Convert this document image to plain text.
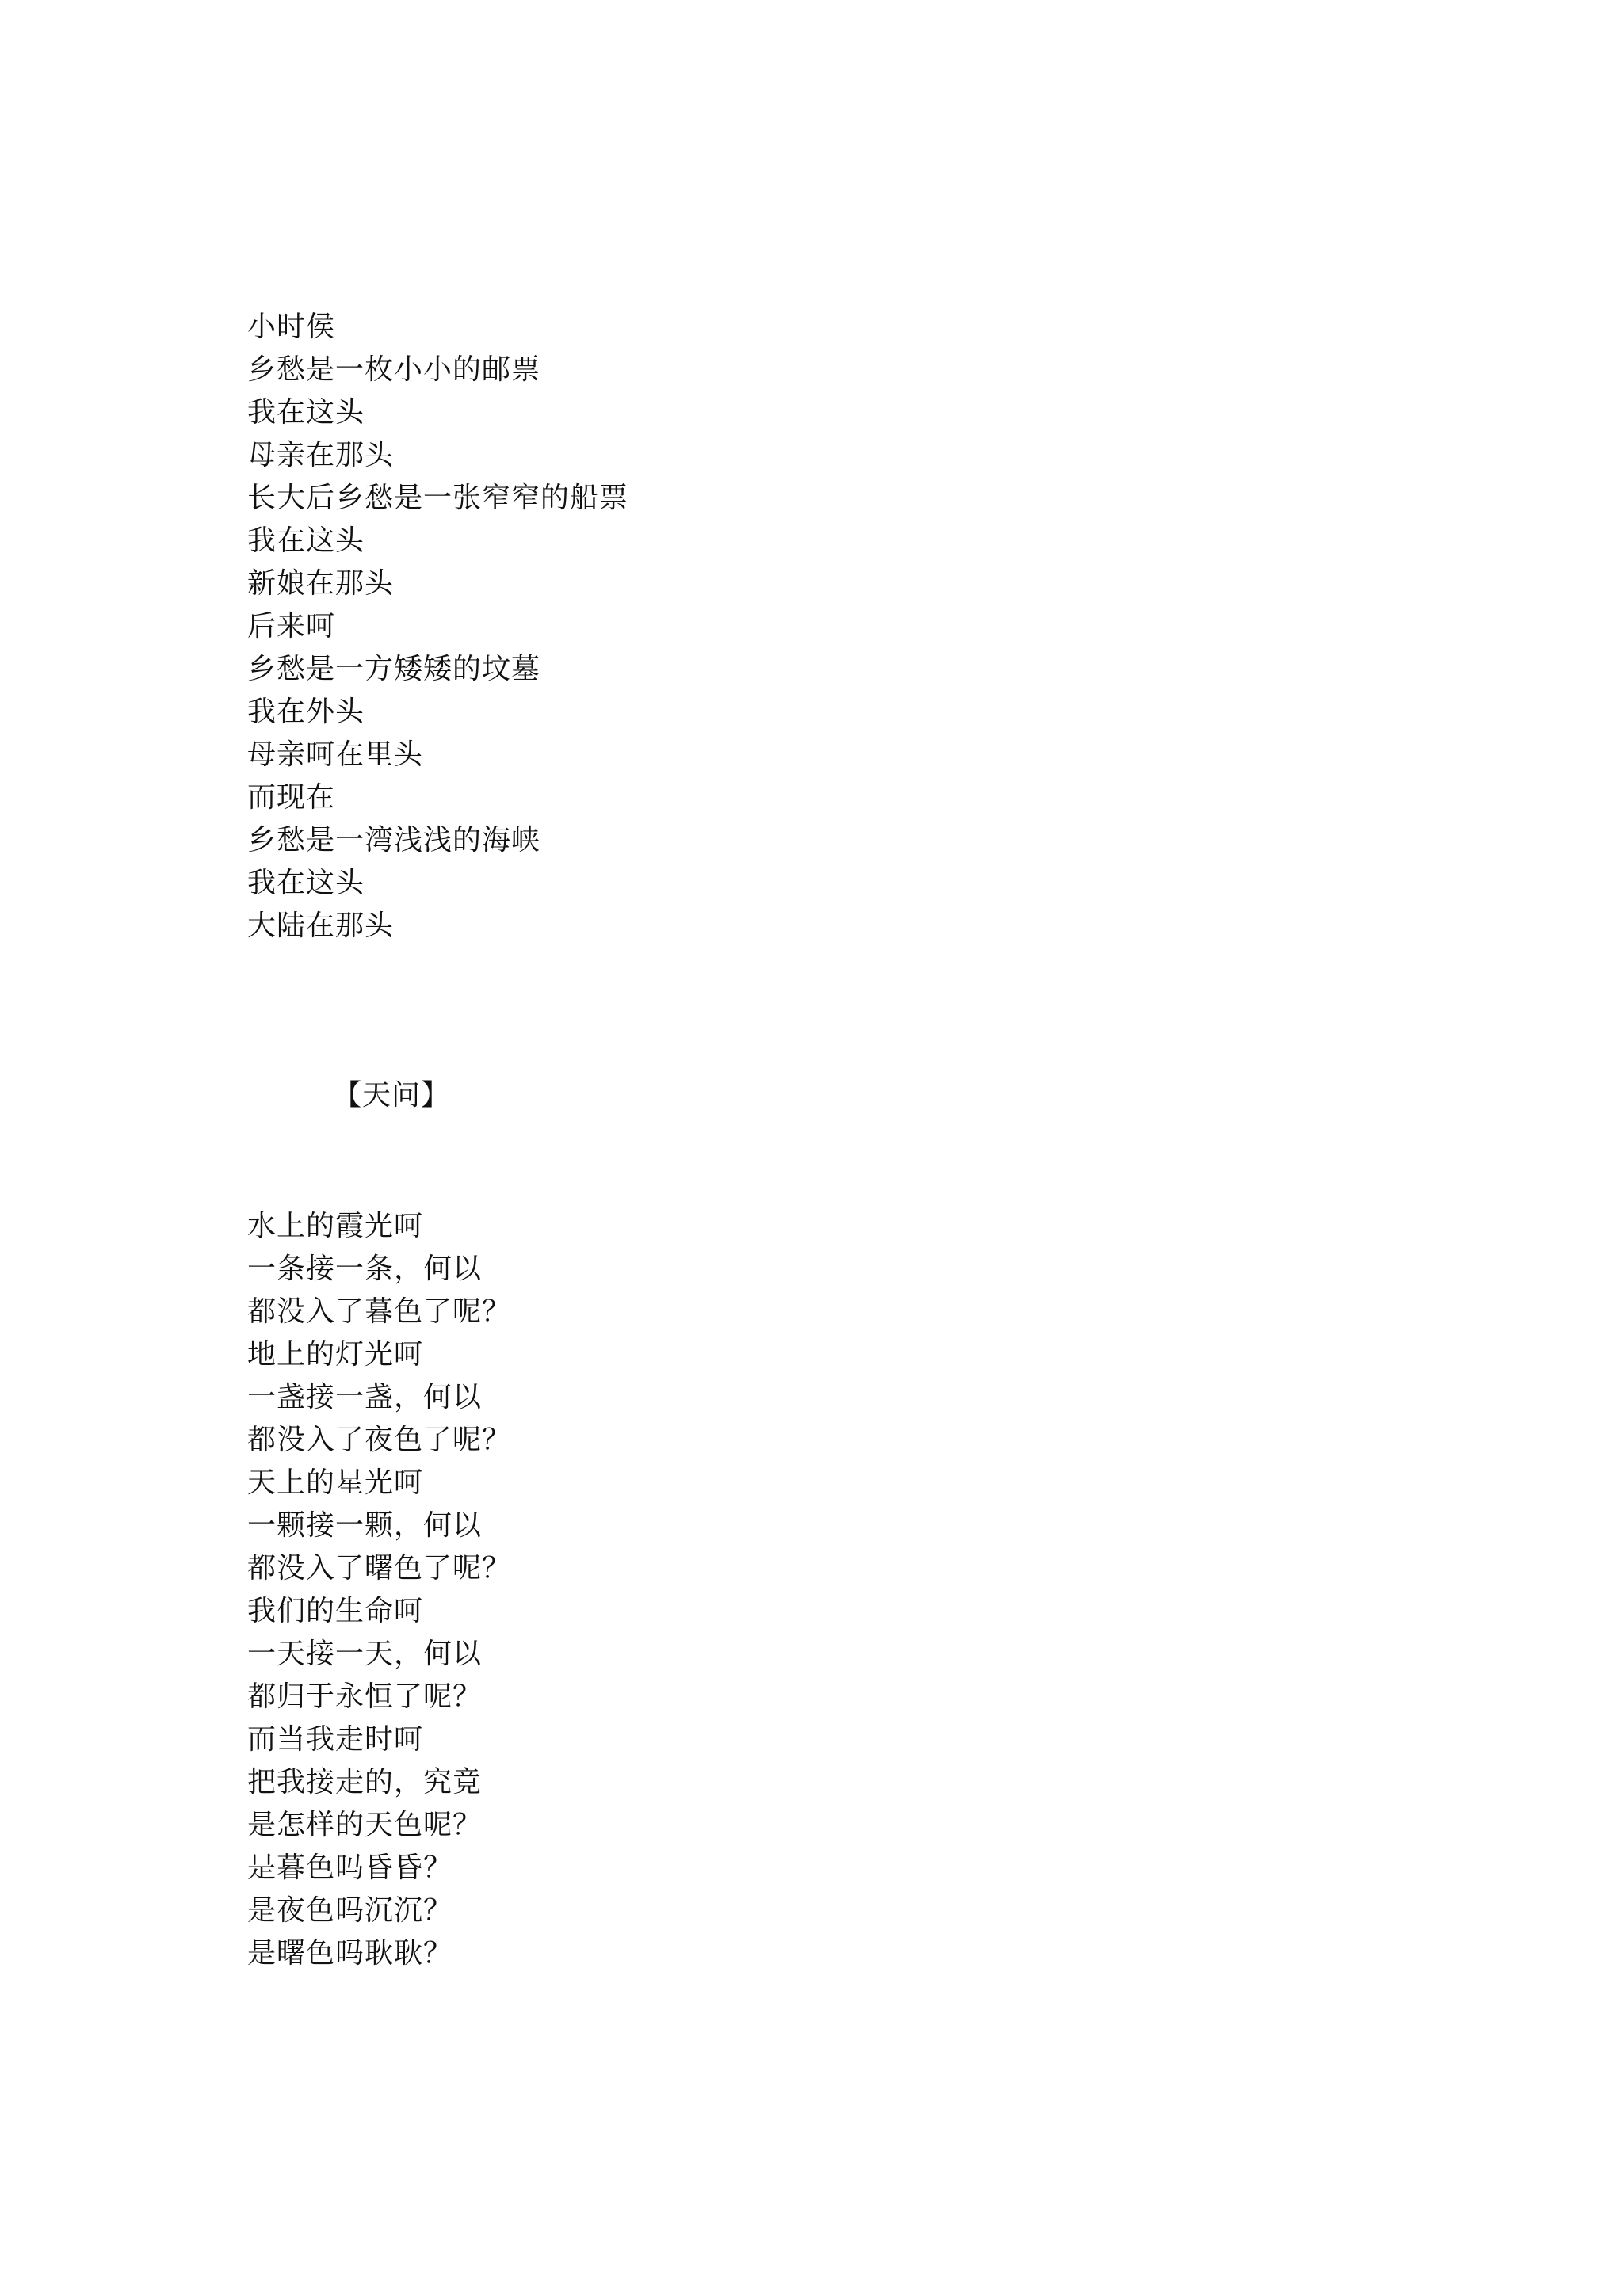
小时侯
乡愁是一枚小小的邮票
我在这头
母亲在那头
长大后乡愁是一张窄窄的船票
我在这头
新娘在那头
后来呵
乡愁是一方矮矮的坟墓
我在外头
母亲呵在里头
而现在
乡愁是一湾浅浅的海峡
我在这头
大陆在那头
【天问】
水上的霞光呵
一条接一条，何以
都没入了暮色了呢？
地上的灯光呵
一盏接一盏，何以
都没入了夜色了呢？
天上的星光呵
一颗接一颗，何以
都没入了曙色了呢？
我们的生命呵
一天接一天，何以
都归于永恒了呢？
而当我走时呵
把我接走的，究竟
是怎样的天色呢？
是暮色吗昏昏？
是夜色吗沉沉？
是曙色吗耿耿？
